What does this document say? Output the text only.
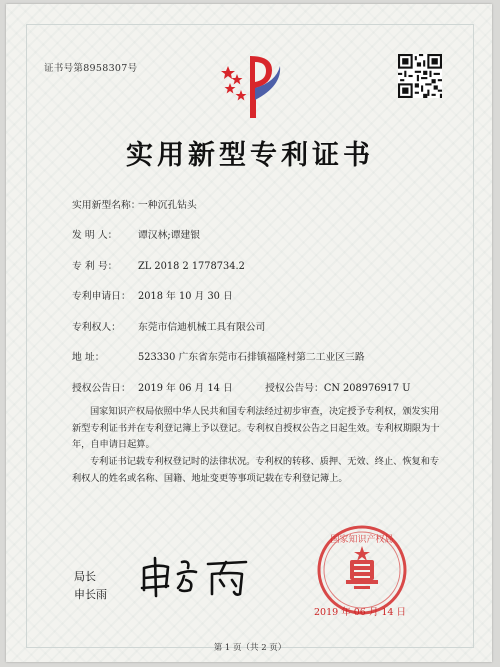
证书号第8958307号
实用新型专利证书
实用新型名称：一种沉孔钻头
发 明 人： 谭汉林;谭建银
专 利 号： ZL 2018 2 1778734.2
专利申请日： 2018 年 10 月 30 日
专利权人： 东莞市信迪机械工具有限公司
地 址：	523330 广东省东莞市石排镇福隆村第二工业区三路
授权公告日： 2019 年 06 月 14 日	授权公告号：CN 208976917 U
国家知识产权局依照中华人民共和国专利法经过初步审查，决定授予专利权，颁发实用新型专利证书并在专利登记簿上予以登记。专利权自授权公告之日起生效。专利权期限为十年，自申请日起算。
专利证书记载专利权登记时的法律状况。专利权的转移、质押、无效、终止、恢复和专利权人的姓名或名称、国籍、地址变更等事项记载在专利登记簿上。
局长
申长雨
国家知识产权局
2019 年 06 月 14 日
第 1 页（共 2 页）
